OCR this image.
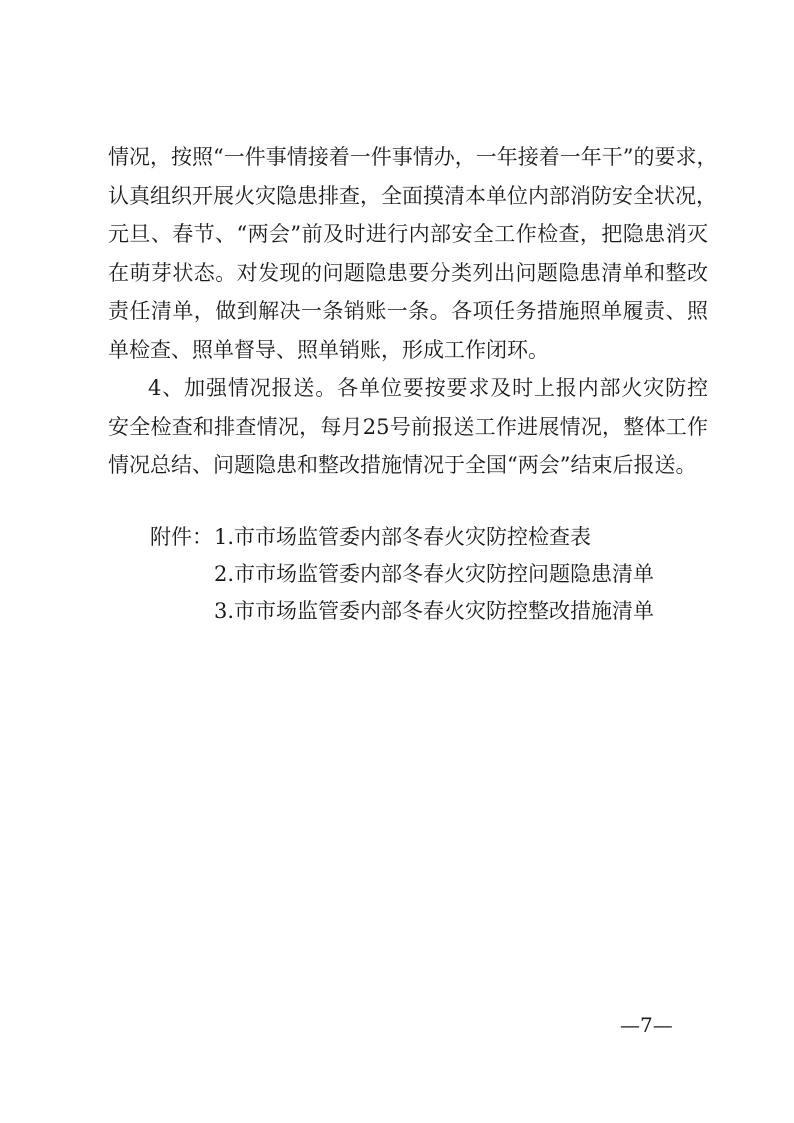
情况，按照“一件事情接着一件事情办，一年接着一年干”的要求，
认真组织开展火灾隐患排查，全面摸清本单位内部消防安全状况，
元旦、春节、“两会”前及时进行内部安全工作检查，把隐患消灭
在萌芽状态。对发现的问题隐患要分类列出问题隐患清单和整改
责任清单，做到解决一条销账一条。各项任务措施照单履责、照
单检查、照单督导、照单销账，形成工作闭环。
4、加强情况报送。各单位要按要求及时上报内部火灾防控
安全检查和排查情况，每月25号前报送工作进展情况，整体工作
情况总结、问题隐患和整改措施情况于全国“两会”结束后报送。
附件：1.市市场监管委内部冬春火灾防控检查表
2.市市场监管委内部冬春火灾防控问题隐患清单
3.市市场监管委内部冬春火灾防控整改措施清单
—7—
